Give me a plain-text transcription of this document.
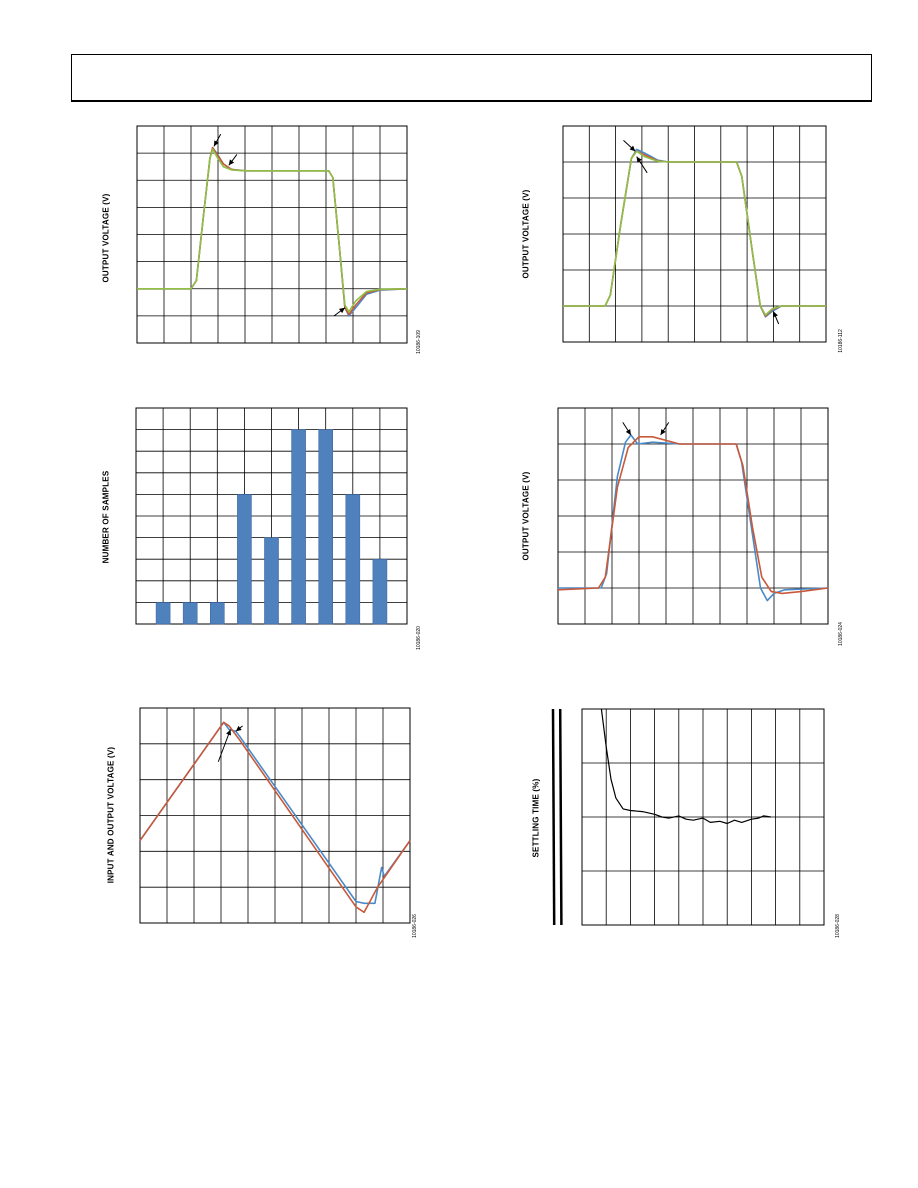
OUTPUT VOLTAGE (V)
10186-109
OUTPUT VOLTAGE (V)
10186-112
NUMBER OF SAMPLES
10186-020
OUTPUT VOLTAGE (V)
10186-024
INPUT AND OUTPUT VOLTAGE (V)
10186-026
SETTLING TIME (%)
10186-028
